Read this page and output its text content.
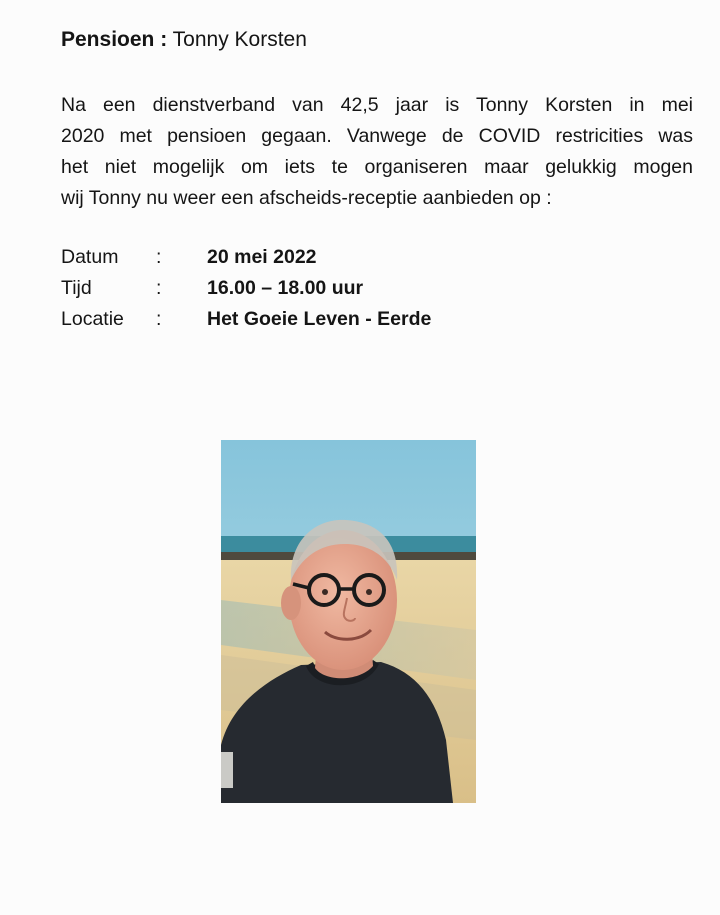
Pensioen : Tonny Korsten
Na een dienstverband van 42,5 jaar is Tonny Korsten in mei
2020 met pensioen gegaan. Vanwege de COVID restricities was
het niet mogelijk om iets te organiseren maar gelukkig mogen
wij Tonny nu weer een afscheids-receptie aanbieden op :
Datum : 20 mei 2022
Tijd	: 16.00 – 18.00 uur
Locatie : Het Goeie Leven - Eerde
